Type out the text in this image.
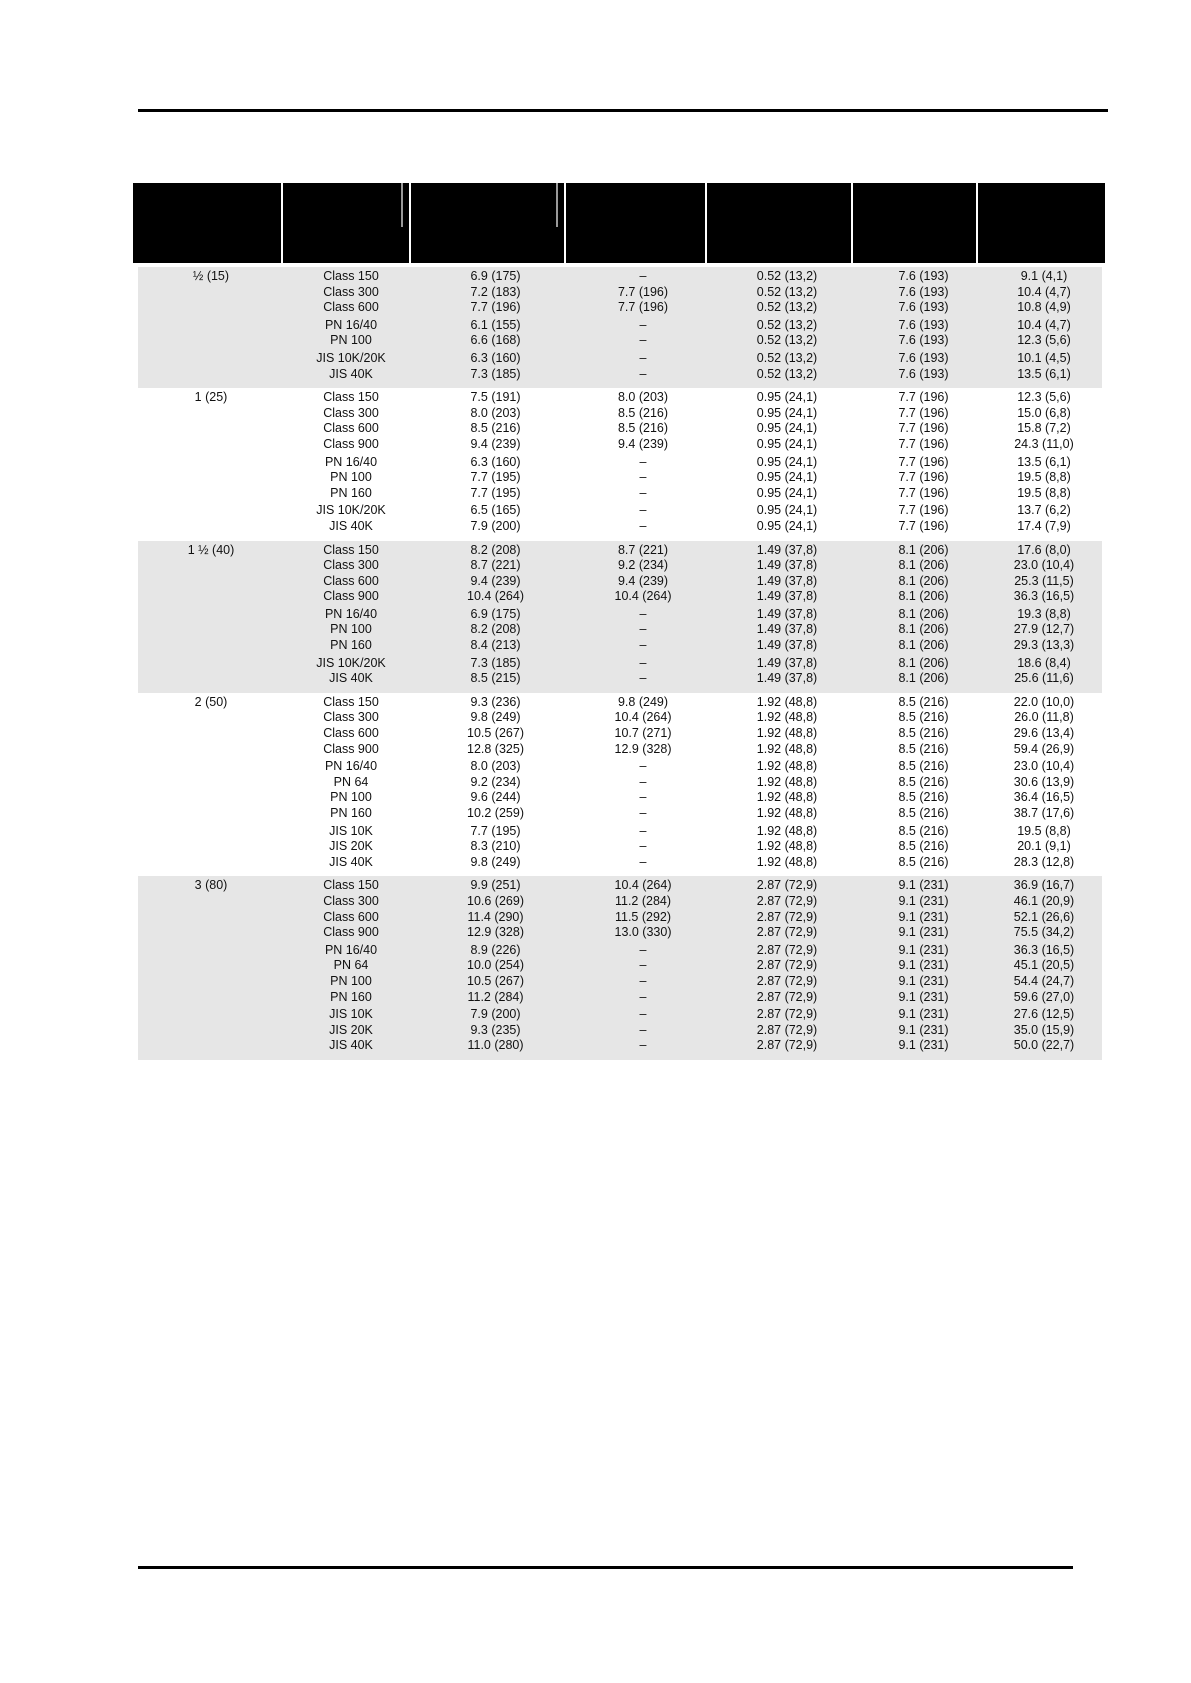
½ (15)	Class 150	6.9 (175)	–	0.52 (13,2)	7.6 (193)	9.1 (4,1)
Class 300	7.2 (183)	7.7 (196)	0.52 (13,2)	7.6 (193)	10.4 (4,7)
Class 600	7.7 (196)	7.7 (196)	0.52 (13,2)	7.6 (193)	10.8 (4,9)
PN 16/40	6.1 (155)	–	0.52 (13,2)	7.6 (193)	10.4 (4,7)
PN 100	6.6 (168)	–	0.52 (13,2)	7.6 (193)	12.3 (5,6)
JIS 10K/20K	6.3 (160)	–	0.52 (13,2)	7.6 (193)	10.1 (4,5)
JIS 40K	7.3 (185)	–	0.52 (13,2)	7.6 (193)	13.5 (6,1)
1 (25)	Class 150	7.5 (191)	8.0 (203)	0.95 (24,1)	7.7 (196)	12.3 (5,6)
Class 300	8.0 (203)	8.5 (216)	0.95 (24,1)	7.7 (196)	15.0 (6,8)
Class 600	8.5 (216)	8.5 (216)	0.95 (24,1)	7.7 (196)	15.8 (7,2)
Class 900	9.4 (239)	9.4 (239)	0.95 (24,1)	7.7 (196)	24.3 (11,0)
PN 16/40	6.3 (160)	–	0.95 (24,1)	7.7 (196)	13.5 (6,1)
PN 100	7.7 (195)	–	0.95 (24,1)	7.7 (196)	19.5 (8,8)
PN 160	7.7 (195)	–	0.95 (24,1)	7.7 (196)	19.5 (8,8)
JIS 10K/20K	6.5 (165)	–	0.95 (24,1)	7.7 (196)	13.7 (6,2)
JIS 40K	7.9 (200)	–	0.95 (24,1)	7.7 (196)	17.4 (7,9)
1 ½ (40)	Class 150	8.2 (208)	8.7 (221)	1.49 (37,8)	8.1 (206)	17.6 (8,0)
Class 300	8.7 (221)	9.2 (234)	1.49 (37,8)	8.1 (206)	23.0 (10,4)
Class 600	9.4 (239)	9.4 (239)	1.49 (37,8)	8.1 (206)	25.3 (11,5)
Class 900	10.4 (264)	10.4 (264)	1.49 (37,8)	8.1 (206)	36.3 (16,5)
PN 16/40	6.9 (175)	–	1.49 (37,8)	8.1 (206)	19.3 (8,8)
PN 100	8.2 (208)	–	1.49 (37,8)	8.1 (206)	27.9 (12,7)
PN 160	8.4 (213)	–	1.49 (37,8)	8.1 (206)	29.3 (13,3)
JIS 10K/20K	7.3 (185)	–	1.49 (37,8)	8.1 (206)	18.6 (8,4)
JIS 40K	8.5 (215)	–	1.49 (37,8)	8.1 (206)	25.6 (11,6)
2 (50)	Class 150	9.3 (236)	9.8 (249)	1.92 (48,8)	8.5 (216)	22.0 (10,0)
Class 300	9.8 (249)	10.4 (264)	1.92 (48,8)	8.5 (216)	26.0 (11,8)
Class 600	10.5 (267)	10.7 (271)	1.92 (48,8)	8.5 (216)	29.6 (13,4)
Class 900	12.8 (325)	12.9 (328)	1.92 (48,8)	8.5 (216)	59.4 (26,9)
PN 16/40	8.0 (203)	–	1.92 (48,8)	8.5 (216)	23.0 (10,4)
PN 64	9.2 (234)	–	1.92 (48,8)	8.5 (216)	30.6 (13,9)
PN 100	9.6 (244)	–	1.92 (48,8)	8.5 (216)	36.4 (16,5)
PN 160	10.2 (259)	–	1.92 (48,8)	8.5 (216)	38.7 (17,6)
JIS 10K	7.7 (195)	–	1.92 (48,8)	8.5 (216)	19.5 (8,8)
JIS 20K	8.3 (210)	–	1.92 (48,8)	8.5 (216)	20.1 (9,1)
JIS 40K	9.8 (249)	–	1.92 (48,8)	8.5 (216)	28.3 (12,8)
3 (80)	Class 150	9.9 (251)	10.4 (264)	2.87 (72,9)	9.1 (231)	36.9 (16,7)
Class 300	10.6 (269)	11.2 (284)	2.87 (72,9)	9.1 (231)	46.1 (20,9)
Class 600	11.4 (290)	11.5 (292)	2.87 (72,9)	9.1 (231)	52.1 (26,6)
Class 900	12.9 (328)	13.0 (330)	2.87 (72,9)	9.1 (231)	75.5 (34,2)
PN 16/40	8.9 (226)	–	2.87 (72,9)	9.1 (231)	36.3 (16,5)
PN 64	10.0 (254)	–	2.87 (72,9)	9.1 (231)	45.1 (20,5)
PN 100	10.5 (267)	–	2.87 (72,9)	9.1 (231)	54.4 (24,7)
PN 160	11.2 (284)	–	2.87 (72,9)	9.1 (231)	59.6 (27,0)
JIS 10K	7.9 (200)	–	2.87 (72,9)	9.1 (231)	27.6 (12,5)
JIS 20K	9.3 (235)	–	2.87 (72,9)	9.1 (231)	35.0 (15,9)
JIS 40K	11.0 (280)	–	2.87 (72,9)	9.1 (231)	50.0 (22,7)
